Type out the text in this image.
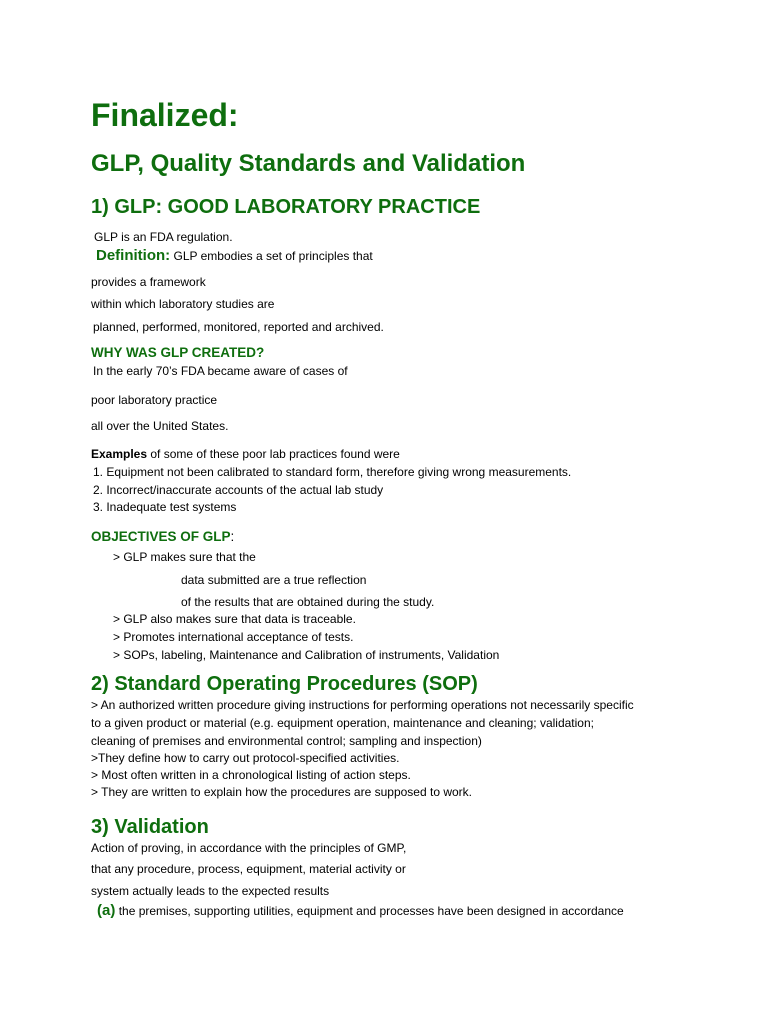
Finalized:
GLP, Quality Standards and Validation
1) GLP: GOOD LABORATORY PRACTICE
GLP is an FDA regulation.
Definition: GLP embodies a set of principles that
provides a framework
within which laboratory studies are
planned, performed, monitored, reported and archived.
WHY WAS GLP CREATED?
In the early 70’s FDA became aware of cases of
poor laboratory practice
all over the United States.
Examples of some of these poor lab practices found were
1. Equipment not been calibrated to standard form, therefore giving wrong measurements.
2. Incorrect/inaccurate accounts of the actual lab study
3. Inadequate test systems
OBJECTIVES OF GLP:
> GLP makes sure that the
data submitted are a true reflection
of the results that are obtained during the study.
> GLP also makes sure that data is traceable.
> Promotes international acceptance of tests.
> SOPs, labeling, Maintenance and Calibration of instruments, Validation
2) Standard Operating Procedures (SOP)
> An authorized written procedure giving instructions for performing operations not necessarily specific
to a given product or material (e.g. equipment operation, maintenance and cleaning; validation;
cleaning of premises and environmental control; sampling and inspection)
>They define how to carry out protocol-specified activities.
> Most often written in a chronological listing of action steps.
> They are written to explain how the procedures are supposed to work.
3) Validation
Action of proving, in accordance with the principles of GMP,
that any procedure, process, equipment, material activity or
system actually leads to the expected results
(a) the premises, supporting utilities, equipment and processes have been designed in accordance
